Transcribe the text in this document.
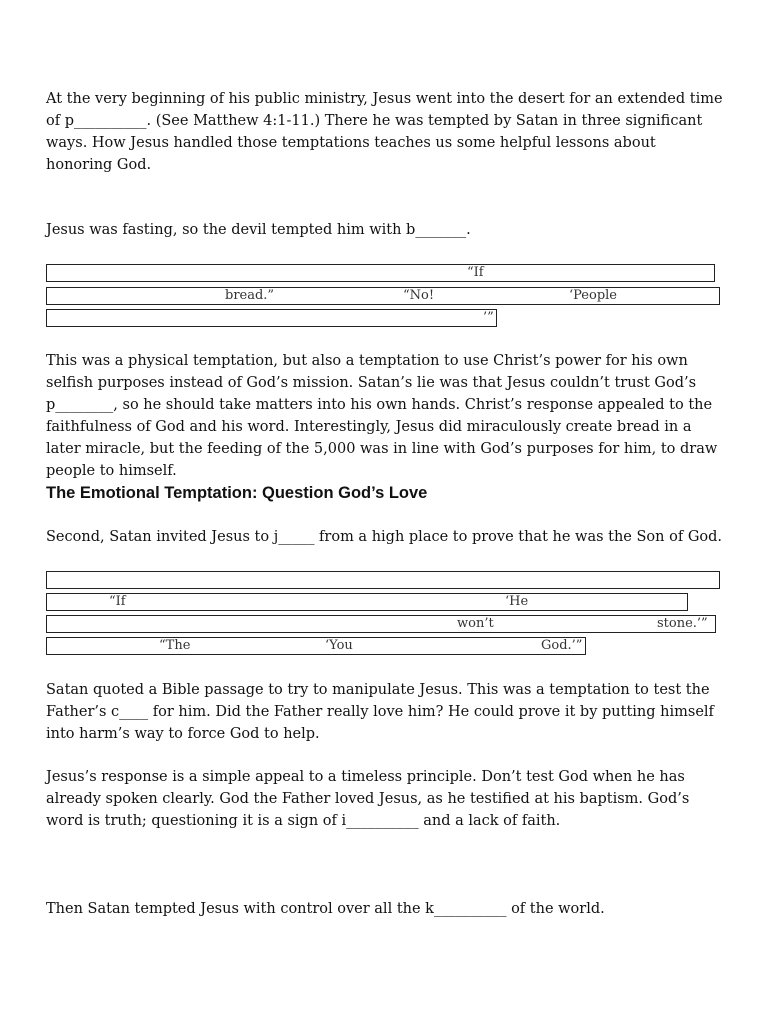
At the very beginning of his public ministry, Jesus went into the desert for an extended time of p__________. (See Matthew 4:1-11.) There he was tempted by Satan in three significant ways. How Jesus handled those temptations teaches us some helpful lessons about honoring God.

Jesus was fasting, so the devil tempted him with b_______.

“If
bread.”	“No!	‘People
’”

This was a physical temptation, but also a temptation to use Christ’s power for his own selfish purposes instead of God’s mission. Satan’s lie was that Jesus couldn’t trust God’s p________, so he should take matters into his own hands. Christ’s response appealed to the faithfulness of God and his word. Interestingly, Jesus did miraculously create bread in a later miracle, but the feeding of the 5,000 was in line with God’s purposes for him, to draw people to himself.

The Emotional Temptation: Question God’s Love

Second, Satan invited Jesus to j_____ from a high place to prove that he was the Son of God.

“If	‘He
won’t	stone.’”
“The	‘You	God.’”

Satan quoted a Bible passage to try to manipulate Jesus. This was a temptation to test the Father’s c____ for him. Did the Father really love him? He could prove it by putting himself into harm’s way to force God to help.

Jesus’s response is a simple appeal to a timeless principle. Don’t test God when he has already spoken clearly. God the Father loved Jesus, as he testified at his baptism. God’s word is truth; questioning it is a sign of i__________ and a lack of faith.

Then Satan tempted Jesus with control over all the k__________ of the world.
